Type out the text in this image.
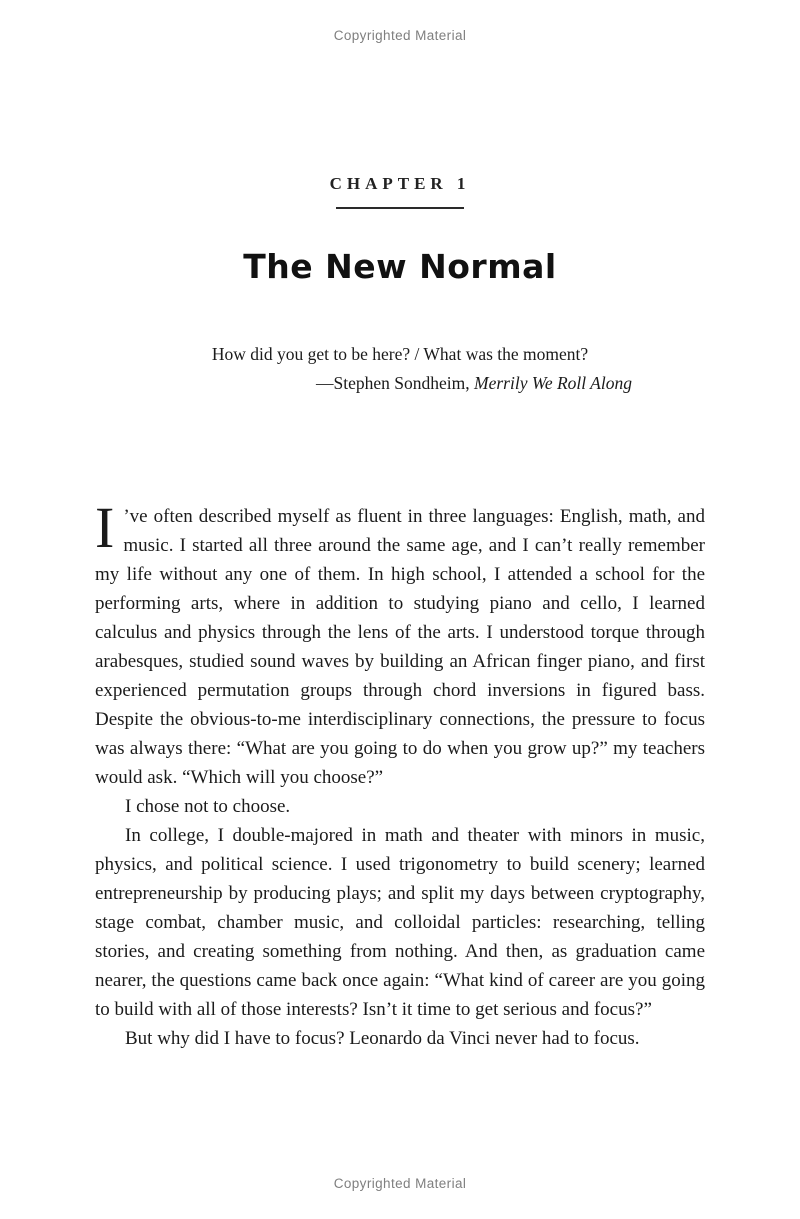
Copyrighted Material
CHAPTER 1
The New Normal
How did you get to be here? / What was the moment?
—Stephen Sondheim, Merrily We Roll Along

I ’ve often described myself as fluent in three languages: English, math, and music. I started all three around the same age, and I can’t really remember my life without any one of them. In high school, I attended a school for the performing arts, where in addition to studying piano and cello, I learned calculus and physics through the lens of the arts. I understood torque through arabesques, studied sound waves by building an African finger piano, and first experienced permutation groups through chord inversions in figured bass. Despite the obvious-to-me interdisciplinary connections, the pressure to focus was always there: “What are you going to do when you grow up?” my teachers would ask. “Which will you choose?”

I chose not to choose.

In college, I double-majored in math and theater with minors in music, physics, and political science. I used trigonometry to build scenery; learned entrepreneurship by producing plays; and split my days between cryptography, stage combat, chamber music, and colloidal particles: researching, telling stories, and creating something from nothing. And then, as graduation came nearer, the questions came back once again: “What kind of career are you going to build with all of those interests? Isn’t it time to get serious and focus?”

But why did I have to focus? Leonardo da Vinci never had to focus.

Copyrighted Material
